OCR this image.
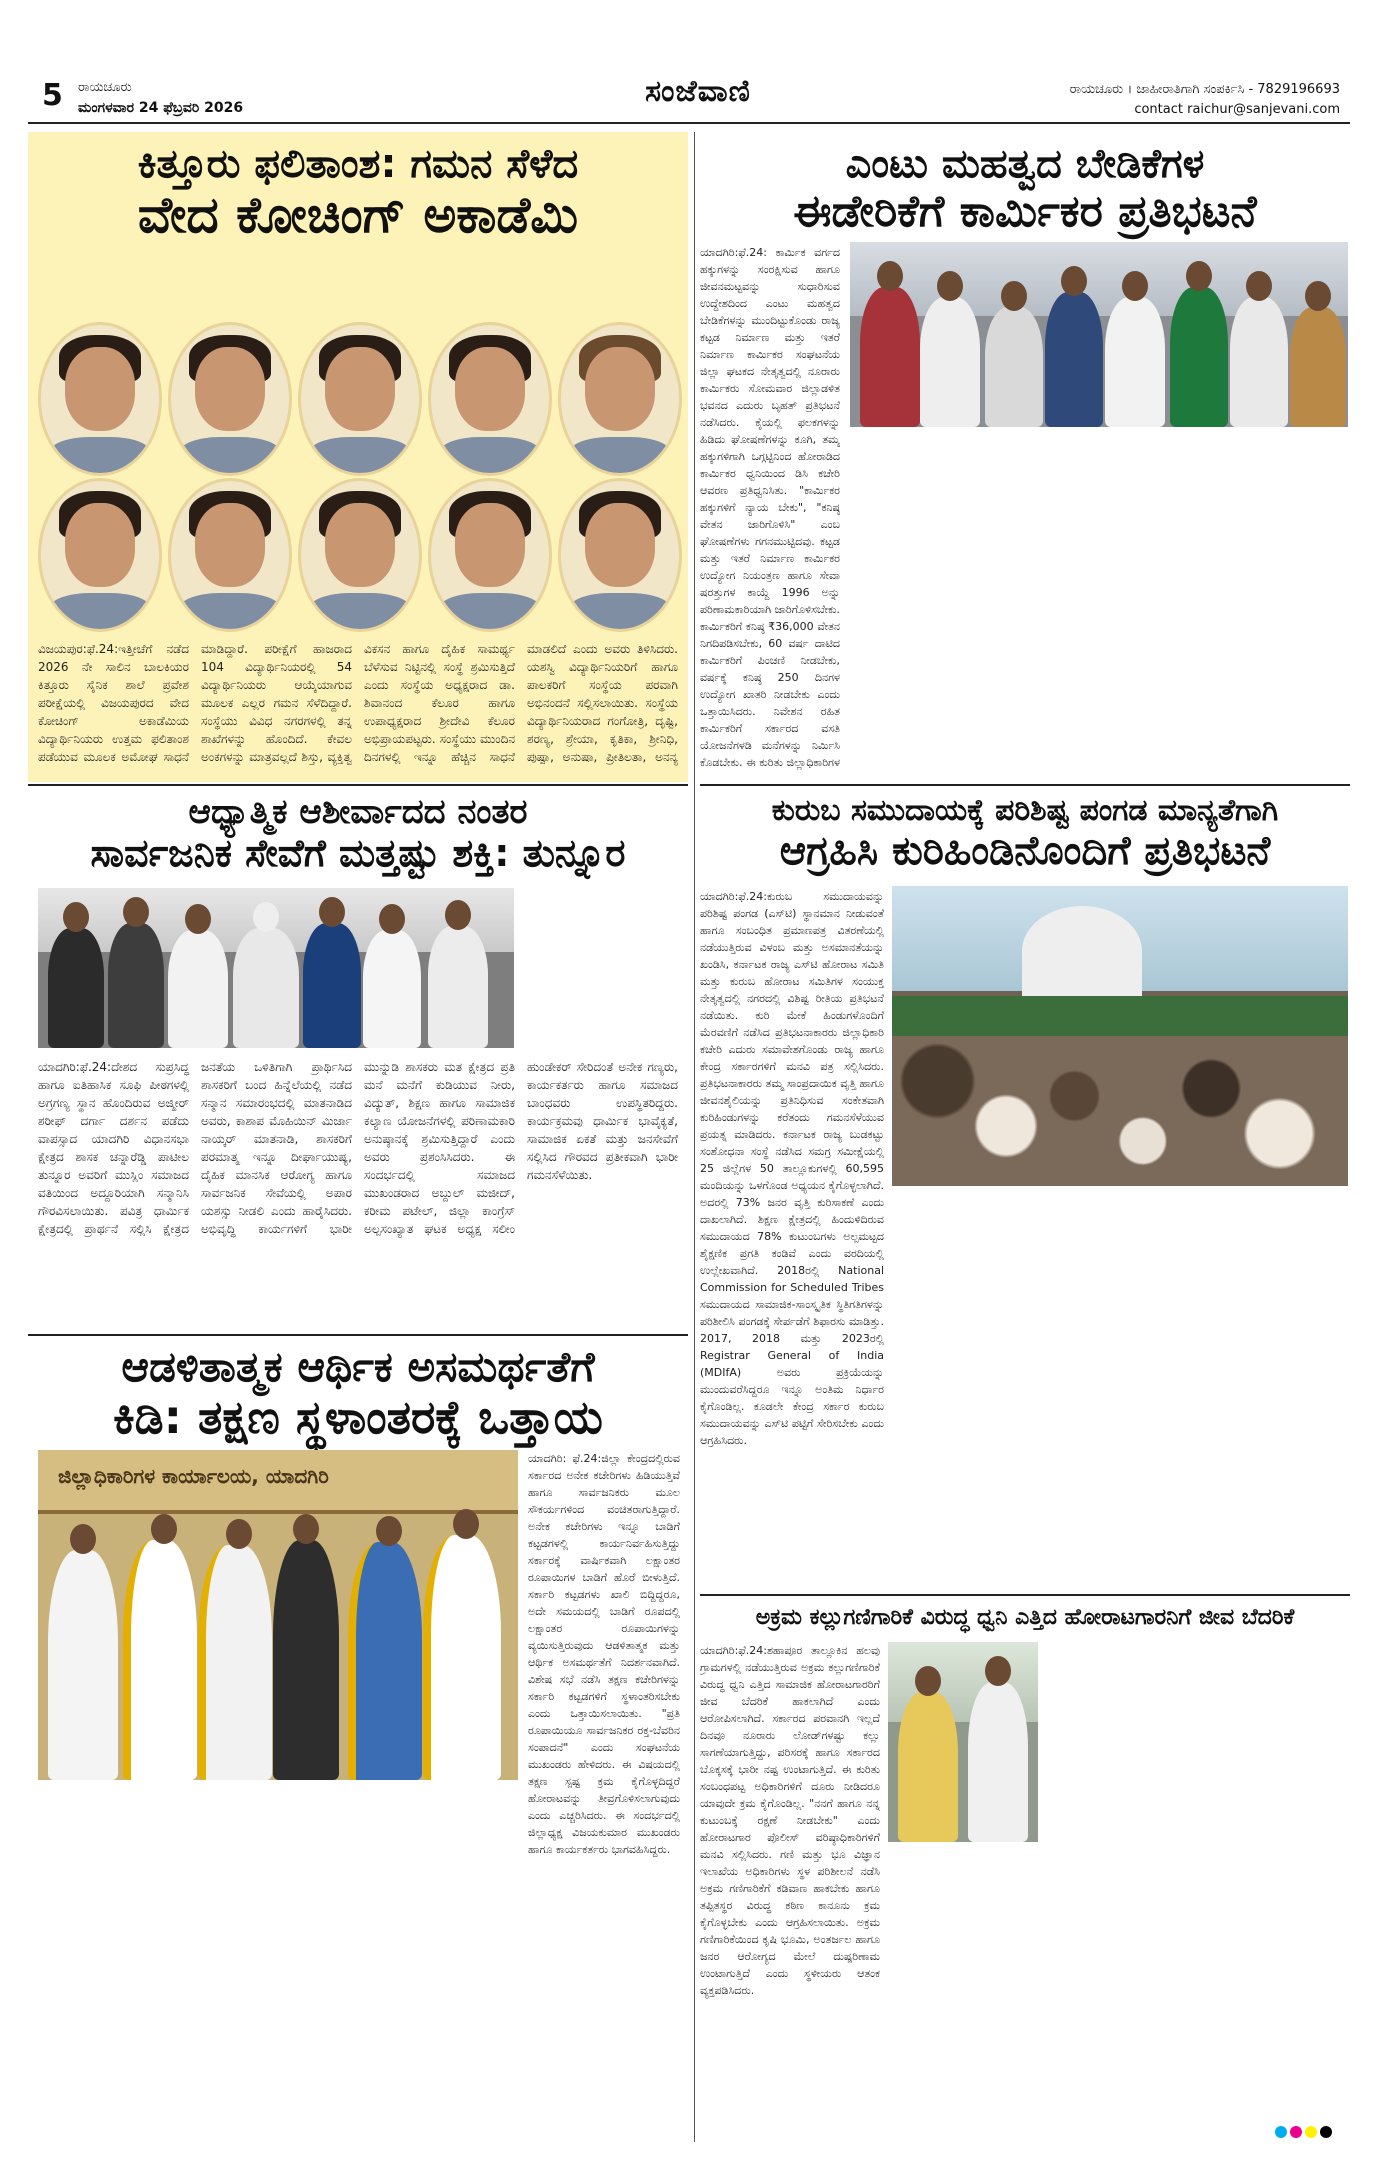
5 ರಾಯಚೂರು
ಮಂಗಳವಾರ 24 ಫೆಬ್ರವರಿ 2026	ಸಂಜೆವಾಣಿ	ರಾಯಚೂರು । ಜಾಹೀರಾತಿಗಾಗಿ ಸಂಪರ್ಕಿಸಿ - 7829196693
contact raichur@sanjevani.com
ಕಿತ್ತೂರು ಫಲಿತಾಂಶ: ಗಮನ ಸೆಳೆದ
ವೇದ ಕೋಚಿಂಗ್ ಅಕಾಡೆಮಿ
ವಿಜಯಪುರ:ಫೆ.24:ಇತ್ತೀಚೆಗೆ ನಡೆದ 2026 ನೇ ಸಾಲಿನ ಬಾಲಕಿಯರ ಕಿತ್ತೂರು ಸೈನಿಕ ಶಾಲೆ ಪ್ರವೇಶ ಪರೀಕ್ಷೆಯಲ್ಲಿ ವಿಜಯಪುರದ ವೇದ ಕೋಚಿಂಗ್ ಅಕಾಡೆಮಿಯ ವಿದ್ಯಾರ್ಥಿನಿಯರು ಉತ್ತಮ ಫಲಿತಾಂಶ ಪಡೆಯುವ ಮೂಲಕ ಅಮೋಘ ಸಾಧನೆ ಮಾಡಿದ್ದಾರೆ. ಪರೀಕ್ಷೆಗೆ ಹಾಜರಾದ 104 ವಿದ್ಯಾರ್ಥಿನಿಯರಲ್ಲಿ 54 ವಿದ್ಯಾರ್ಥಿನಿಯರು ಆಯ್ಕೆಯಾಗುವ ಮೂಲಕ ಎಲ್ಲರ ಗಮನ ಸೆಳೆದಿದ್ದಾರೆ. ಸಂಸ್ಥೆಯು ವಿವಿಧ ನಗರಗಳಲ್ಲಿ ತನ್ನ ಶಾಖೆಗಳನ್ನು ಹೊಂದಿದೆ. ಕೇವಲ ಅಂಕಗಳನ್ನು ಮಾತ್ರವಲ್ಲದೆ ಶಿಸ್ತು, ವ್ಯಕ್ತಿತ್ವ ವಿಕಸನ ಹಾಗೂ ದೈಹಿಕ ಸಾಮರ್ಥ್ಯ ಬೆಳೆಸುವ ನಿಟ್ಟಿನಲ್ಲಿ ಸಂಸ್ಥೆ ಶ್ರಮಿಸುತ್ತಿದೆ ಎಂದು ಸಂಸ್ಥೆಯ ಅಧ್ಯಕ್ಷರಾದ ಡಾ. ಶಿವಾನಂದ ಕೆಲೂರ ಹಾಗೂ ಉಪಾಧ್ಯಕ್ಷರಾದ ಶ್ರೀದೇವಿ ಕೆಲೂರ ಅಭಿಪ್ರಾಯಪಟ್ಟರು. ಸಂಸ್ಥೆಯು ಮುಂದಿನ ದಿನಗಳಲ್ಲಿ ಇನ್ನೂ ಹೆಚ್ಚಿನ ಸಾಧನೆ ಮಾಡಲಿದೆ ಎಂದು ಅವರು ತಿಳಿಸಿದರು. ಯಶಸ್ವಿ ವಿದ್ಯಾರ್ಥಿನಿಯರಿಗೆ ಹಾಗೂ ಪಾಲಕರಿಗೆ ಸಂಸ್ಥೆಯ ಪರವಾಗಿ ಅಭಿನಂದನೆ ಸಲ್ಲಿಸಲಾಯಿತು. ಸಂಸ್ಥೆಯ ವಿದ್ಯಾರ್ಥಿನಿಯರಾದ ಗಂಗೋತ್ರಿ, ದೃಷ್ಟಿ, ಶರಣ್ಯ, ಶ್ರೇಯಾ, ಕೃತಿಕಾ, ಶ್ರೀನಿಧಿ, ಪುಷ್ಪಾ, ಅನುಷಾ, ಪ್ರೀತಿಲತಾ, ಅನನ್ಯ
ಎಂಟು ಮಹತ್ವದ ಬೇಡಿಕೆಗಳ
ಈಡೇರಿಕೆಗೆ ಕಾರ್ಮಿಕರ ಪ್ರತಿಭಟನೆ
ಯಾದಗಿರಿ:ಫೆ.24: ಕಾರ್ಮಿಕ ವರ್ಗದ ಹಕ್ಕುಗಳನ್ನು ಸಂರಕ್ಷಿಸುವ ಹಾಗೂ ಜೀವನಮಟ್ಟವನ್ನು ಸುಧಾರಿಸುವ ಉದ್ದೇಶದಿಂದ ಎಂಟು ಮಹತ್ವದ ಬೇಡಿಕೆಗಳನ್ನು ಮುಂದಿಟ್ಟುಕೊಂಡು ರಾಜ್ಯ ಕಟ್ಟಡ ನಿರ್ಮಾಣ ಮತ್ತು ಇತರೆ ನಿರ್ಮಾಣ ಕಾರ್ಮಿಕರ ಸಂಘಟನೆಯ ಜಿಲ್ಲಾ ಘಟಕದ ನೇತೃತ್ವದಲ್ಲಿ ನೂರಾರು ಕಾರ್ಮಿಕರು ಸೋಮವಾರ ಜಿಲ್ಲಾಡಳಿತ ಭವನದ ಎದುರು ಬೃಹತ್ ಪ್ರತಿಭಟನೆ ನಡೆಸಿದರು. ಕೈಯಲ್ಲಿ ಫಲಕಗಳನ್ನು ಹಿಡಿದು ಘೋಷಣೆಗಳನ್ನು ಕೂಗಿ, ತಮ್ಮ ಹಕ್ಕುಗಳಿಗಾಗಿ ಒಗ್ಗಟ್ಟಿನಿಂದ ಹೋರಾಡಿದ ಕಾರ್ಮಿಕರ ಧ್ವನಿಯಿಂದ ಡಿಸಿ ಕಚೇರಿ ಆವರಣ ಪ್ರತಿಧ್ವನಿಸಿತು. "ಕಾರ್ಮಿಕರ ಹಕ್ಕುಗಳಿಗೆ ನ್ಯಾಯ ಬೇಕು", "ಕನಿಷ್ಠ ವೇತನ ಜಾರಿಗೊಳಿಸಿ" ಎಂಬ ಘೋಷಣೆಗಳು ಗಗನಮುಟ್ಟಿದವು. ಕಟ್ಟಡ ಮತ್ತು ಇತರೆ ನಿರ್ಮಾಣ ಕಾರ್ಮಿಕರ ಉದ್ಯೋಗ ನಿಯಂತ್ರಣ ಹಾಗೂ ಸೇವಾ ಷರತ್ತುಗಳ ಕಾಯ್ದೆ 1996 ಅನ್ನು ಪರಿಣಾಮಕಾರಿಯಾಗಿ ಜಾರಿಗೊಳಿಸಬೇಕು. ಕಾರ್ಮಿಕರಿಗೆ ಕನಿಷ್ಠ ₹36,000 ವೇತನ ನಿಗದಿಪಡಿಸಬೇಕು, 60 ವರ್ಷ ದಾಟಿದ ಕಾರ್ಮಿಕರಿಗೆ ಪಿಂಚಣಿ ನೀಡಬೇಕು, ವರ್ಷಕ್ಕೆ ಕನಿಷ್ಠ 250 ದಿನಗಳ ಉದ್ಯೋಗ ಖಾತರಿ ನೀಡಬೇಕು ಎಂದು ಒತ್ತಾಯಿಸಿದರು. ನಿವೇಶನ ರಹಿತ ಕಾರ್ಮಿಕರಿಗೆ ಸರ್ಕಾರದ ವಸತಿ ಯೋಜನೆಗಳಡಿ ಮನೆಗಳನ್ನು ನಿರ್ಮಿಸಿ ಕೊಡಬೇಕು. ಈ ಕುರಿತು ಜಿಲ್ಲಾಧಿಕಾರಿಗಳ
ಆಧ್ಯಾತ್ಮಿಕ ಆಶೀರ್ವಾದದ ನಂತರ
ಸಾರ್ವಜನಿಕ ಸೇವೆಗೆ ಮತ್ತಷ್ಟು ಶಕ್ತಿ: ತುನ್ನೂರ
ಯಾದಗಿರಿ:ಫೆ.24:ದೇಶದ ಸುಪ್ರಸಿದ್ಧ ಹಾಗೂ ಐತಿಹಾಸಿಕ ಸೂಫಿ ಪೀಠಗಳಲ್ಲಿ ಅಗ್ರಗಣ್ಯ ಸ್ಥಾನ ಹೊಂದಿರುವ ಅಜ್ಮೀರ್ ಶರೀಫ್ ದರ್ಗಾ ದರ್ಶನ ಪಡೆದು ವಾಪಸ್ಸಾದ ಯಾದಗಿರಿ ವಿಧಾನಸಭಾ ಕ್ಷೇತ್ರದ ಶಾಸಕ ಚನ್ನಾರೆಡ್ಡಿ ಪಾಟೀಲ ತುನ್ನೂರ ಅವರಿಗೆ ಮುಸ್ಲಿಂ ಸಮಾಜದ ವತಿಯಿಂದ ಅದ್ದೂರಿಯಾಗಿ ಸನ್ಮಾನಿಸಿ ಗೌರವಿಸಲಾಯಿತು. ಪವಿತ್ರ ಧಾರ್ಮಿಕ ಕ್ಷೇತ್ರದಲ್ಲಿ ಪ್ರಾರ್ಥನೆ ಸಲ್ಲಿಸಿ ಕ್ಷೇತ್ರದ ಜನತೆಯ ಒಳಿತಿಗಾಗಿ ಪ್ರಾರ್ಥಿಸಿದ ಶಾಸಕರಿಗೆ ಬಂದ ಹಿನ್ನೆಲೆಯಲ್ಲಿ ನಡೆದ ಸನ್ಮಾನ ಸಮಾರಂಭದಲ್ಲಿ ಮಾತನಾಡಿದ ಅವರು, ಕಾಶಾಪ ಮೊಹಿಯಿನ್ ಮಿರ್ಜಾ ನಾಯ್ಕರ್ ಮಾತನಾಡಿ, ಶಾಸಕರಿಗೆ ಪರಮಾತ್ಮ ಇನ್ನೂ ದೀರ್ಘಾಯುಷ್ಯ, ದೈಹಿಕ ಮಾನಸಿಕ ಆರೋಗ್ಯ ಹಾಗೂ ಸಾರ್ವಜನಿಕ ಸೇವೆಯಲ್ಲಿ ಅಪಾರ ಯಶಸ್ಸು ನೀಡಲಿ ಎಂದು ಹಾರೈಸಿದರು. ಅಭಿವೃದ್ಧಿ ಕಾರ್ಯಗಳಿಗೆ ಭಾರೀ ಮುನ್ನುಡಿ ಶಾಸಕರು ಮತ ಕ್ಷೇತ್ರದ ಪ್ರತಿ ಮನೆ ಮನೆಗೆ ಕುಡಿಯುವ ನೀರು, ವಿದ್ಯುತ್, ಶಿಕ್ಷಣ ಹಾಗೂ ಸಾಮಾಜಿಕ ಕಲ್ಯಾಣ ಯೋಜನೆಗಳಲ್ಲಿ ಪರಿಣಾಮಕಾರಿ ಅನುಷ್ಠಾನಕ್ಕೆ ಶ್ರಮಿಸುತ್ತಿದ್ದಾರೆ ಎಂದು ಅವರು ಪ್ರಶಂಸಿಸಿದರು. ಈ ಸಂದರ್ಭದಲ್ಲಿ ಸಮಾಜದ ಮುಖಂಡರಾದ ಅಬ್ದುಲ್ ಮಜೀದ್, ಕರೀಮ ಪಟೇಲ್, ಜಿಲ್ಲಾ ಕಾಂಗ್ರೆಸ್ ಅಲ್ಪಸಂಖ್ಯಾತ ಘಟಕ ಅಧ್ಯಕ್ಷ ಸಲೀಂ ಹುಂಡೇಕರ್ ಸೇರಿದಂತೆ ಅನೇಕ ಗಣ್ಯರು, ಕಾರ್ಯಕರ್ತರು ಹಾಗೂ ಸಮಾಜದ ಬಾಂಧವರು ಉಪಸ್ಥಿತರಿದ್ದರು. ಕಾರ್ಯಕ್ರಮವು ಧಾರ್ಮಿಕ ಭಾವೈಕ್ಯತೆ, ಸಾಮಾಜಿಕ ಏಕತೆ ಮತ್ತು ಜನಸೇವೆಗೆ ಸಲ್ಲಿಸಿದ ಗೌರವದ ಪ್ರತೀಕವಾಗಿ ಭಾರೀ ಗಮನಸೆಳೆಯಿತು.
ಕುರುಬ ಸಮುದಾಯಕ್ಕೆ ಪರಿಶಿಷ್ಟ ಪಂಗಡ ಮಾನ್ಯತೆಗಾಗಿ
ಆಗ್ರಹಿಸಿ ಕುರಿಹಿಂಡಿನೊಂದಿಗೆ ಪ್ರತಿಭಟನೆ
ಯಾದಗಿರಿ:ಫೆ.24:ಕುರುಬ ಸಮುದಾಯವನ್ನು ಪರಿಶಿಷ್ಟ ಪಂಗಡ (ಎಸ್‌ಟಿ) ಸ್ಥಾನಮಾನ ನೀಡುವಂತೆ ಹಾಗೂ ಸಂಬಂಧಿತ ಪ್ರಮಾಣಪತ್ರ ವಿತರಣೆಯಲ್ಲಿ ನಡೆಯುತ್ತಿರುವ ವಿಳಂಬ ಮತ್ತು ಅಸಮಾನತೆಯನ್ನು ಖಂಡಿಸಿ, ಕರ್ನಾಟಕ ರಾಜ್ಯ ಎಸ್‌ಟಿ ಹೋರಾಟ ಸಮಿತಿ ಮತ್ತು ಕುರುಬ ಹೋರಾಟ ಸಮಿತಿಗಳ ಸಂಯುಕ್ತ ನೇತೃತ್ವದಲ್ಲಿ ನಗರದಲ್ಲಿ ವಿಶಿಷ್ಟ ರೀತಿಯ ಪ್ರತಿಭಟನೆ ನಡೆಯಿತು. ಕುರಿ ಮೇಕೆ ಹಿಂಡುಗಳೊಂದಿಗೆ ಮೆರವಣಿಗೆ ನಡೆಸಿದ ಪ್ರತಿಭಟನಾಕಾರರು ಜಿಲ್ಲಾಧಿಕಾರಿ ಕಚೇರಿ ಎದುರು ಸಮಾವೇಶಗೊಂಡು ರಾಜ್ಯ ಹಾಗೂ ಕೇಂದ್ರ ಸರ್ಕಾರಗಳಿಗೆ ಮನವಿ ಪತ್ರ ಸಲ್ಲಿಸಿದರು. ಪ್ರತಿಭಟನಾಕಾರರು ತಮ್ಮ ಸಾಂಪ್ರದಾಯಿಕ ವೃತ್ತಿ ಹಾಗೂ ಜೀವನಶೈಲಿಯನ್ನು ಪ್ರತಿನಿಧಿಸುವ ಸಂಕೇತವಾಗಿ ಕುರಿಹಿಂಡುಗಳನ್ನು ಕರೆತಂದು ಗಮನಸೆಳೆಯುವ ಪ್ರಯತ್ನ ಮಾಡಿದರು. ಕರ್ನಾಟಕ ರಾಜ್ಯ ಬುಡಕಟ್ಟು ಸಂಶೋಧನಾ ಸಂಸ್ಥೆ ನಡೆಸಿದ ಸಮಗ್ರ ಸಮೀಕ್ಷೆಯಲ್ಲಿ 25 ಜಿಲ್ಲೆಗಳ 50 ತಾಲ್ಲೂಕುಗಳಲ್ಲಿ 60,595 ಮಂದಿಯನ್ನು ಒಳಗೊಂಡ ಅಧ್ಯಯನ ಕೈಗೊಳ್ಳಲಾಗಿದೆ. ಅದರಲ್ಲಿ 73% ಜನರ ವೃತ್ತಿ ಕುರಿಸಾಕಣೆ ಎಂದು ದಾಖಲಾಗಿದೆ. ಶಿಕ್ಷಣ ಕ್ಷೇತ್ರದಲ್ಲಿ ಹಿಂದುಳಿದಿರುವ ಸಮುದಾಯದ 78% ಕುಟುಂಬಗಳು ಅಲ್ಪಮಟ್ಟದ ಶೈಕ್ಷಣಿಕ ಪ್ರಗತಿ ಕಂಡಿವೆ ಎಂದು ವರದಿಯಲ್ಲಿ ಉಲ್ಲೇಖವಾಗಿದೆ. 2018ರಲ್ಲಿ National Commission for Scheduled Tribes ಸಮುದಾಯದ ಸಾಮಾಜಿಕ-ಸಾಂಸ್ಕೃತಿಕ ಸ್ಥಿತಿಗತಿಗಳನ್ನು ಪರಿಶೀಲಿಸಿ ಪಂಗಡಕ್ಕೆ ಸೇರ್ಪಡೆಗೆ ಶಿಫಾರಸು ಮಾಡಿತ್ತು. 2017, 2018 ಮತ್ತು 2023ರಲ್ಲಿ Registrar General of India (MDIfA) ಅವರು ಪ್ರಕ್ರಿಯೆಯನ್ನು ಮುಂದುವರೆಸಿದ್ದರೂ ಇನ್ನೂ ಅಂತಿಮ ನಿರ್ಧಾರ ಕೈಗೊಂಡಿಲ್ಲ. ಕೂಡಲೇ ಕೇಂದ್ರ ಸರ್ಕಾರ ಕುರುಬ ಸಮುದಾಯವನ್ನು ಎಸ್‌ಟಿ ಪಟ್ಟಿಗೆ ಸೇರಿಸಬೇಕು ಎಂದು ಆಗ್ರಹಿಸಿದರು.
ಆಡಳಿತಾತ್ಮಕ ಆರ್ಥಿಕ ಅಸಮರ್ಥತೆಗೆ
ಕಿಡಿ: ತಕ್ಷಣ ಸ್ಥಳಾಂತರಕ್ಕೆ ಒತ್ತಾಯ
ಜಿಲ್ಲಾಧಿಕಾರಿಗಳ ಕಾರ್ಯಾಲಯ, ಯಾದಗಿರಿ
ಯಾದಗಿರಿ: ಫೆ.24:ಜಿಲ್ಲಾ ಕೇಂದ್ರದಲ್ಲಿರುವ ಸರ್ಕಾರದ ಅನೇಕ ಕಚೇರಿಗಳು ಹಿಡಿಯುತ್ತಿವೆ ಹಾಗೂ ಸಾರ್ವಜನಿಕರು ಮೂಲ ಸೌಕರ್ಯಗಳಿಂದ ವಂಚಿತರಾಗುತ್ತಿದ್ದಾರೆ. ಅನೇಕ ಕಚೇರಿಗಳು ಇನ್ನೂ ಬಾಡಿಗೆ ಕಟ್ಟಡಗಳಲ್ಲಿ ಕಾರ್ಯನಿರ್ವಹಿಸುತ್ತಿದ್ದು ಸರ್ಕಾರಕ್ಕೆ ವಾರ್ಷಿಕವಾಗಿ ಲಕ್ಷಾಂತರ ರೂಪಾಯಿಗಳ ಬಾಡಿಗೆ ಹೊರೆ ಬೀಳುತ್ತಿದೆ. ಸರ್ಕಾರಿ ಕಟ್ಟಡಗಳು ಖಾಲಿ ಬಿದ್ದಿದ್ದರೂ, ಅದೇ ಸಮಯದಲ್ಲಿ ಬಾಡಿಗೆ ರೂಪದಲ್ಲಿ ಲಕ್ಷಾಂತರ ರೂಪಾಯಿಗಳನ್ನು ವ್ಯಯಿಸುತ್ತಿರುವುದು ಆಡಳಿತಾತ್ಮಕ ಮತ್ತು ಆರ್ಥಿಕ ಅಸಮರ್ಥತೆಗೆ ನಿದರ್ಶನವಾಗಿದೆ. ವಿಶೇಷ ಸಭೆ ನಡೆಸಿ ತಕ್ಷಣ ಕಚೇರಿಗಳನ್ನು ಸರ್ಕಾರಿ ಕಟ್ಟಡಗಳಿಗೆ ಸ್ಥಳಾಂತರಿಸಬೇಕು ಎಂದು ಒತ್ತಾಯಿಸಲಾಯಿತು. "ಪ್ರತಿ ರೂಪಾಯಿಯೂ ಸಾರ್ವಜನಿಕರ ರಕ್ತ-ಬೆವರಿನ ಸಂಪಾದನೆ" ಎಂದು ಸಂಘಟನೆಯ ಮುಖಂಡರು ಹೇಳಿದರು. ಈ ವಿಷಯದಲ್ಲಿ ತಕ್ಷಣ ಸ್ಪಷ್ಟ ಕ್ರಮ ಕೈಗೊಳ್ಳದಿದ್ದರೆ ಹೋರಾಟವನ್ನು ತೀವ್ರಗೊಳಿಸಲಾಗುವುದು ಎಂದು ಎಚ್ಚರಿಸಿದರು. ಈ ಸಂದರ್ಭದಲ್ಲಿ ಜಿಲ್ಲಾಧ್ಯಕ್ಷ ವಿಜಯಕುಮಾರ ಮುಖಂಡರು ಹಾಗೂ ಕಾರ್ಯಕರ್ತರು ಭಾಗವಹಿಸಿದ್ದರು.
ಅಕ್ರಮ ಕಲ್ಲುಗಣಿಗಾರಿಕೆ ವಿರುದ್ಧ ಧ್ವನಿ ಎತ್ತಿದ ಹೋರಾಟಗಾರನಿಗೆ ಜೀವ ಬೆದರಿಕೆ
ಯಾದಗಿರಿ:ಫೆ.24:ಶಹಾಪೂರ ತಾಲ್ಲೂಕಿನ ಹಲವು ಗ್ರಾಮಗಳಲ್ಲಿ ನಡೆಯುತ್ತಿರುವ ಅಕ್ರಮ ಕಲ್ಲುಗಣಿಗಾರಿಕೆ ವಿರುದ್ಧ ಧ್ವನಿ ಎತ್ತಿದ ಸಾಮಾಜಿಕ ಹೋರಾಟಗಾರರಿಗೆ ಜೀವ ಬೆದರಿಕೆ ಹಾಕಲಾಗಿದೆ ಎಂದು ಆರೋಪಿಸಲಾಗಿದೆ. ಸರ್ಕಾರದ ಪರವಾನಗಿ ಇಲ್ಲದೆ ದಿನವೂ ನೂರಾರು ಲೋಡ್‌ಗಳಷ್ಟು ಕಲ್ಲು ಸಾಗಣೆಯಾಗುತ್ತಿದ್ದು, ಪರಿಸರಕ್ಕೆ ಹಾಗೂ ಸರ್ಕಾರದ ಬೊಕ್ಕಸಕ್ಕೆ ಭಾರೀ ನಷ್ಟ ಉಂಟಾಗುತ್ತಿದೆ. ಈ ಕುರಿತು ಸಂಬಂಧಪಟ್ಟ ಅಧಿಕಾರಿಗಳಿಗೆ ದೂರು ನೀಡಿದರೂ ಯಾವುದೇ ಕ್ರಮ ಕೈಗೊಂಡಿಲ್ಲ. "ನನಗೆ ಹಾಗೂ ನನ್ನ ಕುಟುಂಬಕ್ಕೆ ರಕ್ಷಣೆ ನೀಡಬೇಕು" ಎಂದು ಹೋರಾಟಗಾರ ಪೊಲೀಸ್ ವರಿಷ್ಠಾಧಿಕಾರಿಗಳಿಗೆ ಮನವಿ ಸಲ್ಲಿಸಿದರು. ಗಣಿ ಮತ್ತು ಭೂ ವಿಜ್ಞಾನ ಇಲಾಖೆಯ ಅಧಿಕಾರಿಗಳು ಸ್ಥಳ ಪರಿಶೀಲನೆ ನಡೆಸಿ ಅಕ್ರಮ ಗಣಿಗಾರಿಕೆಗೆ ಕಡಿವಾಣ ಹಾಕಬೇಕು ಹಾಗೂ ತಪ್ಪಿತಸ್ಥರ ವಿರುದ್ಧ ಕಠಿಣ ಕಾನೂನು ಕ್ರಮ ಕೈಗೊಳ್ಳಬೇಕು ಎಂದು ಆಗ್ರಹಿಸಲಾಯಿತು. ಅಕ್ರಮ ಗಣಿಗಾರಿಕೆಯಿಂದ ಕೃಷಿ ಭೂಮಿ, ಅಂತರ್ಜಲ ಹಾಗೂ ಜನರ ಆರೋಗ್ಯದ ಮೇಲೆ ದುಷ್ಪರಿಣಾಮ ಉಂಟಾಗುತ್ತಿದೆ ಎಂದು ಸ್ಥಳೀಯರು ಆತಂಕ ವ್ಯಕ್ತಪಡಿಸಿದರು.
